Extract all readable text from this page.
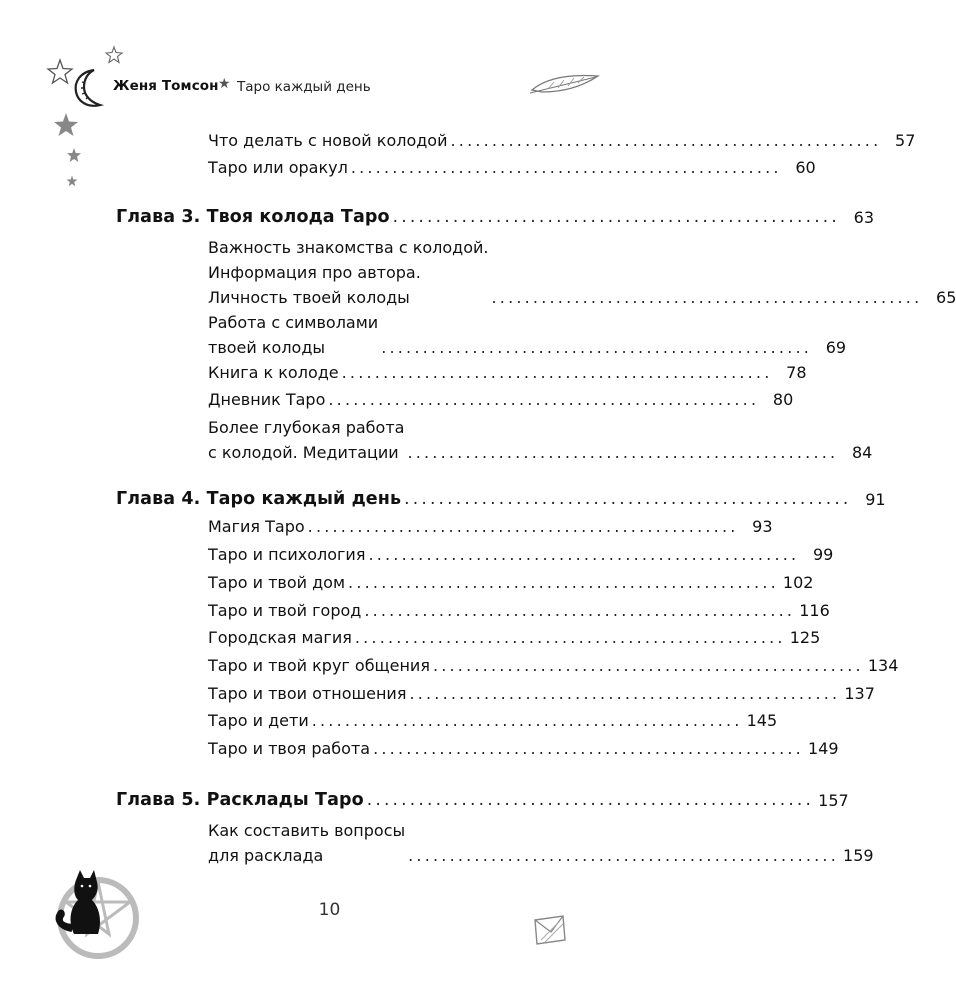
Женя Томсон ★ Таро каждый день
Что делать с новой колодой .................................................... 57
Таро или оракул .................................................... 60
Глава 3. Твоя колода Таро .................................................... 63
Важность знакомства с колодой.
Информация про автора.
Личность твоей колоды	.................................................... 65
Работа с символами
твоей колоды	.................................................... 69
Книга к колоде .................................................... 78
Дневник Таро .................................................... 80
Более глубокая работа
с колодой. Медитации .................................................... 84
Глава 4. Таро каждый день .................................................... 91
Магия Таро .................................................... 93
Таро и психология .................................................... 99
Таро и твой дом .................................................... 102
Таро и твой город .................................................... 116
Городская магия .................................................... 125
Таро и твой круг общения .................................................... 134
Таро и твои отношения .................................................... 137
Таро и дети .................................................... 145
Таро и твоя работа .................................................... 149
Глава 5. Расклады Таро .................................................... 157
Как составить вопросы
для расклада	.................................................... 159
10
